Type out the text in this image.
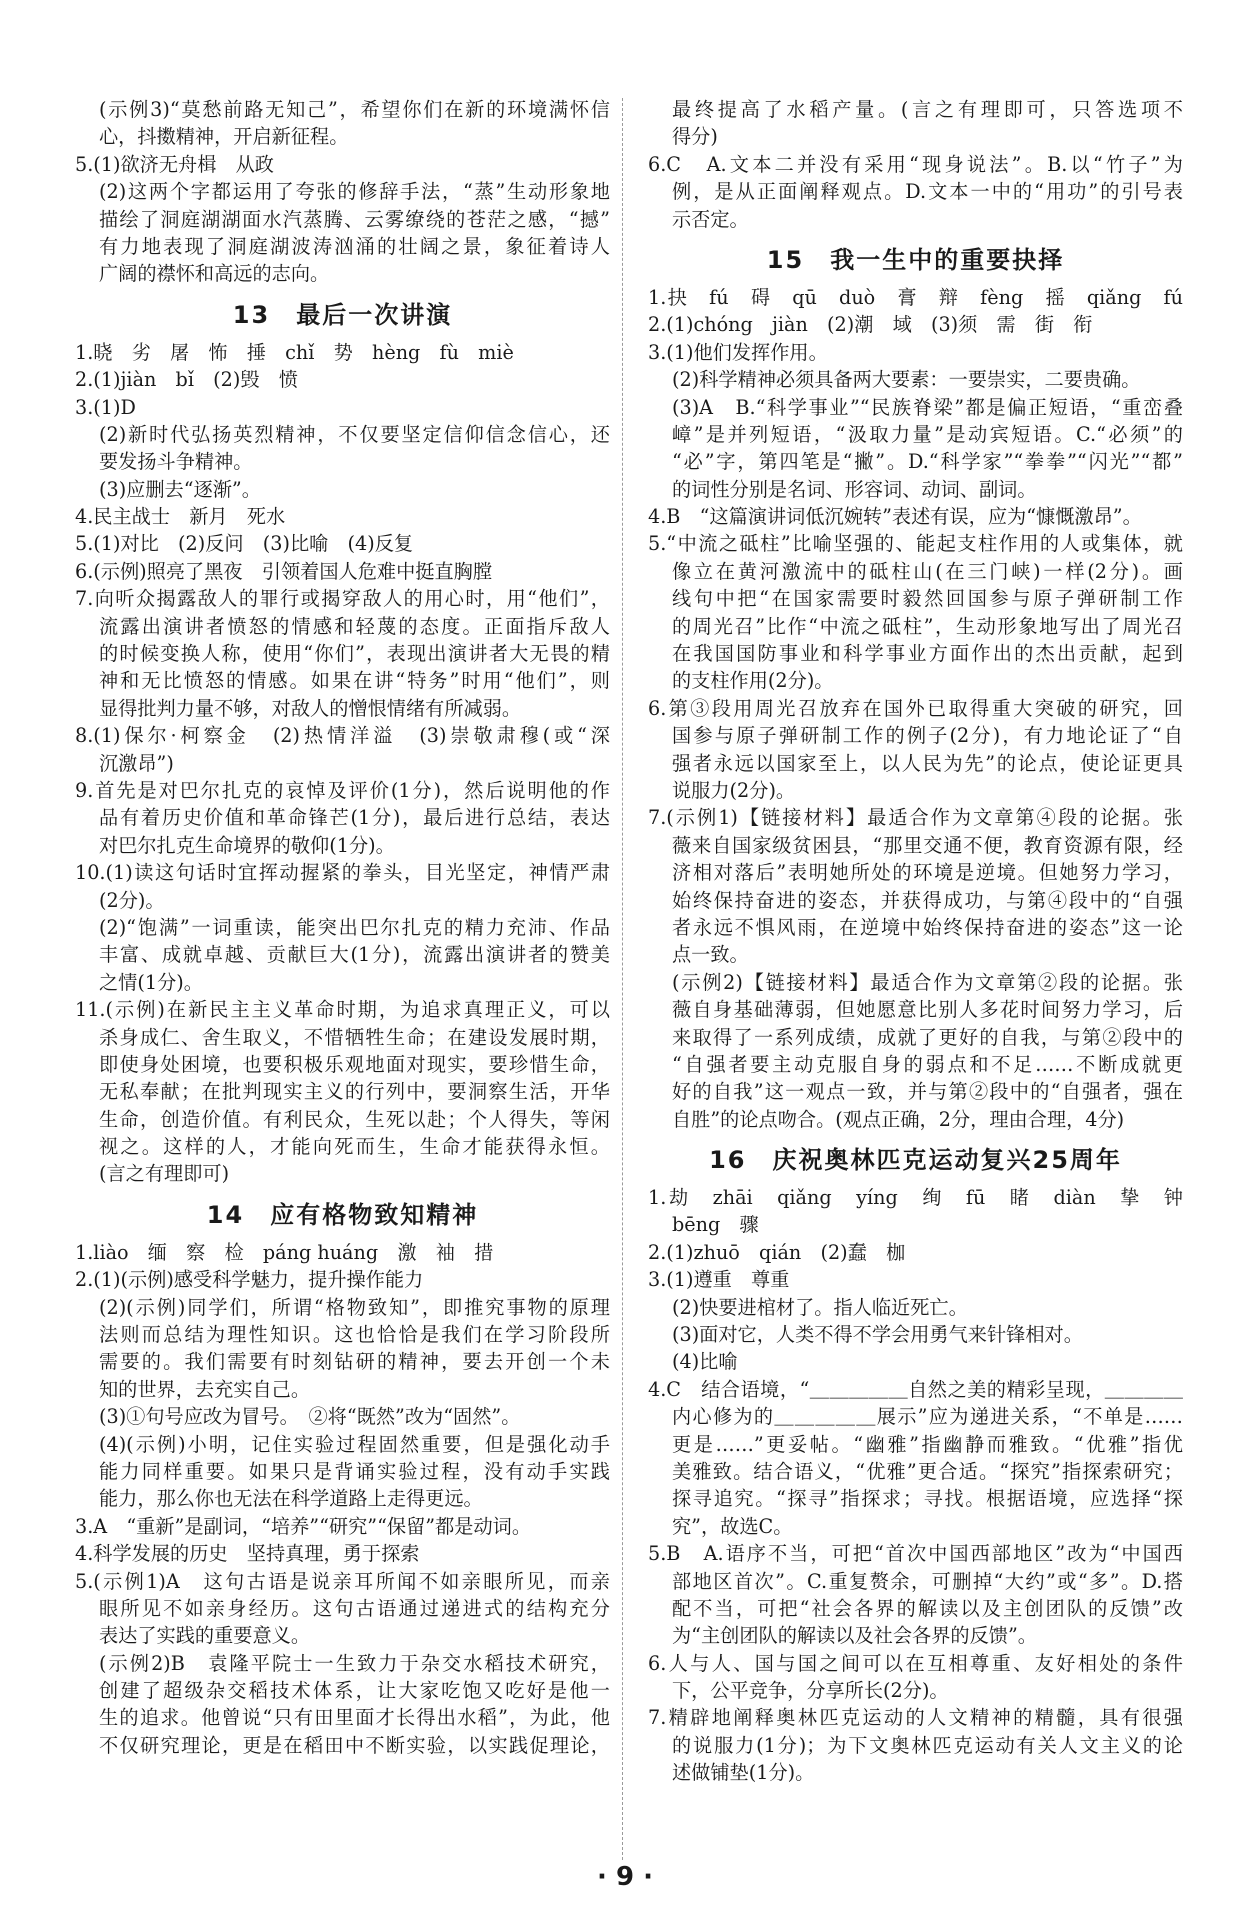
(示例3)“莫愁前路无知己”，希望你们在新的环境满怀信
心，抖擞精神，开启新征程。
5.(1)欲济无舟楫　从政
(2)这两个字都运用了夸张的修辞手法，“蒸”生动形象地
描绘了洞庭湖湖面水汽蒸腾、云雾缭绕的苍茫之感，“撼”
有力地表现了洞庭湖波涛汹涌的壮阔之景，象征着诗人
广阔的襟怀和高远的志向。
13　最后一次讲演
1.晓　劣　屠　怖　捶　chǐ　势　hèng　fù　miè
2.(1)jiàn　bǐ　(2)毁　愤
3.(1)D
(2)新时代弘扬英烈精神，不仅要坚定信仰信念信心，还
要发扬斗争精神。
(3)应删去“逐渐”。
4.民主战士　新月　死水
5.(1)对比　(2)反问　(3)比喻　(4)反复
6.(示例)照亮了黑夜　引领着国人危难中挺直胸膛
7.向听众揭露敌人的罪行或揭穿敌人的用心时，用“他们”，
流露出演讲者愤怒的情感和轻蔑的态度。正面指斥敌人
的时候变换人称，使用“你们”，表现出演讲者大无畏的精
神和无比愤怒的情感。如果在讲“特务”时用“他们”，则
显得批判力量不够，对敌人的憎恨情绪有所减弱。
8.(1)保尔·柯察金　(2)热情洋溢　(3)崇敬肃穆(或“深
沉激昂”)
9.首先是对巴尔扎克的哀悼及评价(1分)，然后说明他的作
品有着历史价值和革命锋芒(1分)，最后进行总结，表达
对巴尔扎克生命境界的敬仰(1分)。
10.(1)读这句话时宜挥动握紧的拳头，目光坚定，神情严肃
(2分)。
(2)“饱满”一词重读，能突出巴尔扎克的精力充沛、作品
丰富、成就卓越、贡献巨大(1分)，流露出演讲者的赞美
之情(1分)。
11.(示例)在新民主主义革命时期，为追求真理正义，可以
杀身成仁、舍生取义，不惜牺牲生命；在建设发展时期，
即使身处困境，也要积极乐观地面对现实，要珍惜生命，
无私奉献；在批判现实主义的行列中，要洞察生活，开华
生命，创造价值。有利民众，生死以赴；个人得失，等闲
视之。这样的人，才能向死而生，生命才能获得永恒。
(言之有理即可)
14　应有格物致知精神
1.liào　缅　察　检　páng huáng　激　袖　措
2.(1)(示例)感受科学魅力，提升操作能力
(2)(示例)同学们，所谓“格物致知”，即推究事物的原理
法则而总结为理性知识。这也恰恰是我们在学习阶段所
需要的。我们需要有时刻钻研的精神，要去开创一个未
知的世界，去充实自己。
(3)①句号应改为冒号。　②将“既然”改为“固然”。
(4)(示例)小明，记住实验过程固然重要，但是强化动手
能力同样重要。如果只是背诵实验过程，没有动手实践
能力，那么你也无法在科学道路上走得更远。
3.A　“重新”是副词，“培养”“研究”“保留”都是动词。
4.科学发展的历史　坚持真理，勇于探索
5.(示例1)A　这句古语是说亲耳所闻不如亲眼所见，而亲
眼所见不如亲身经历。这句古语通过递进式的结构充分
表达了实践的重要意义。
(示例2)B　袁隆平院士一生致力于杂交水稻技术研究，
创建了超级杂交稻技术体系，让大家吃饱又吃好是他一
生的追求。他曾说“只有田里面才长得出水稻”，为此，他
不仅研究理论，更是在稻田中不断实验，以实践促理论，
最终提高了水稻产量。(言之有理即可，只答选项不
得分)
6.C　A.文本二并没有采用“现身说法”。B.以“竹子”为
例，是从正面阐释观点。D.文本一中的“用功”的引号表
示否定。
15　我一生中的重要抉择
1.抉　fú　碍　qū　duò　膏　辩　fèng　摇　qiǎng　fú
2.(1)chóng　jiàn　(2)潮　域　(3)须　需　街　衔
3.(1)他们发挥作用。
(2)科学精神必须具备两大要素：一要崇实，二要贵确。
(3)A　B.“科学事业”“民族脊梁”都是偏正短语，“重峦叠
嶂”是并列短语，“汲取力量”是动宾短语。C.“必须”的
“必”字，第四笔是“撇”。D.“科学家”“拳拳”“闪光”“都”
的词性分别是名词、形容词、动词、副词。
4.B　“这篇演讲词低沉婉转”表述有误，应为“慷慨激昂”。
5.“中流之砥柱”比喻坚强的、能起支柱作用的人或集体，就
像立在黄河激流中的砥柱山(在三门峡)一样(2分)。画
线句中把“在国家需要时毅然回国参与原子弹研制工作
的周光召”比作“中流之砥柱”，生动形象地写出了周光召
在我国国防事业和科学事业方面作出的杰出贡献，起到
的支柱作用(2分)。
6.第③段用周光召放弃在国外已取得重大突破的研究，回
国参与原子弹研制工作的例子(2分)，有力地论证了“自
强者永远以国家至上，以人民为先”的论点，使论证更具
说服力(2分)。
7.(示例1)【链接材料】最适合作为文章第④段的论据。张
薇来自国家级贫困县，“那里交通不便，教育资源有限，经
济相对落后”表明她所处的环境是逆境。但她努力学习，
始终保持奋进的姿态，并获得成功，与第④段中的“自强
者永远不惧风雨，在逆境中始终保持奋进的姿态”这一论
点一致。
(示例2)【链接材料】最适合作为文章第②段的论据。张
薇自身基础薄弱，但她愿意比别人多花时间努力学习，后
来取得了一系列成绩，成就了更好的自我，与第②段中的
“自强者要主动克服自身的弱点和不足……不断成就更
好的自我”这一观点一致，并与第②段中的“自强者，强在
自胜”的论点吻合。(观点正确，2分，理由合理，4分)
16　庆祝奥林匹克运动复兴25周年
1.劫　zhāi　qiǎng　yíng　绚　fū　睹　diàn　挚　钟
bēng　骤
2.(1)zhuō　qián　(2)蠢　枷
3.(1)遵重　尊重
(2)快要进棺材了。指人临近死亡。
(3)面对它，人类不得不学会用勇气来针锋相对。
(4)比喻
4.C　结合语境，“＿＿＿＿＿自然之美的精彩呈现，＿＿＿＿
内心修为的＿＿＿＿＿展示”应为递进关系，“不单是……
更是……”更妥帖。“幽雅”指幽静而雅致。“优雅”指优
美雅致。结合语义，“优雅”更合适。“探究”指探索研究；
探寻追究。“探寻”指探求；寻找。根据语境，应选择“探
究”，故选C。
5.B　A.语序不当，可把“首次中国西部地区”改为“中国西
部地区首次”。C.重复赘余，可删掉“大约”或“多”。D.搭
配不当，可把“社会各界的解读以及主创团队的反馈”改
为“主创团队的解读以及社会各界的反馈”。
6.人与人、国与国之间可以在互相尊重、友好相处的条件
下，公平竞争，分享所长(2分)。
7.精辟地阐释奥林匹克运动的人文精神的精髓，具有很强
的说服力(1分)；为下文奥林匹克运动有关人文主义的论
述做铺垫(1分)。
· 9 ·
